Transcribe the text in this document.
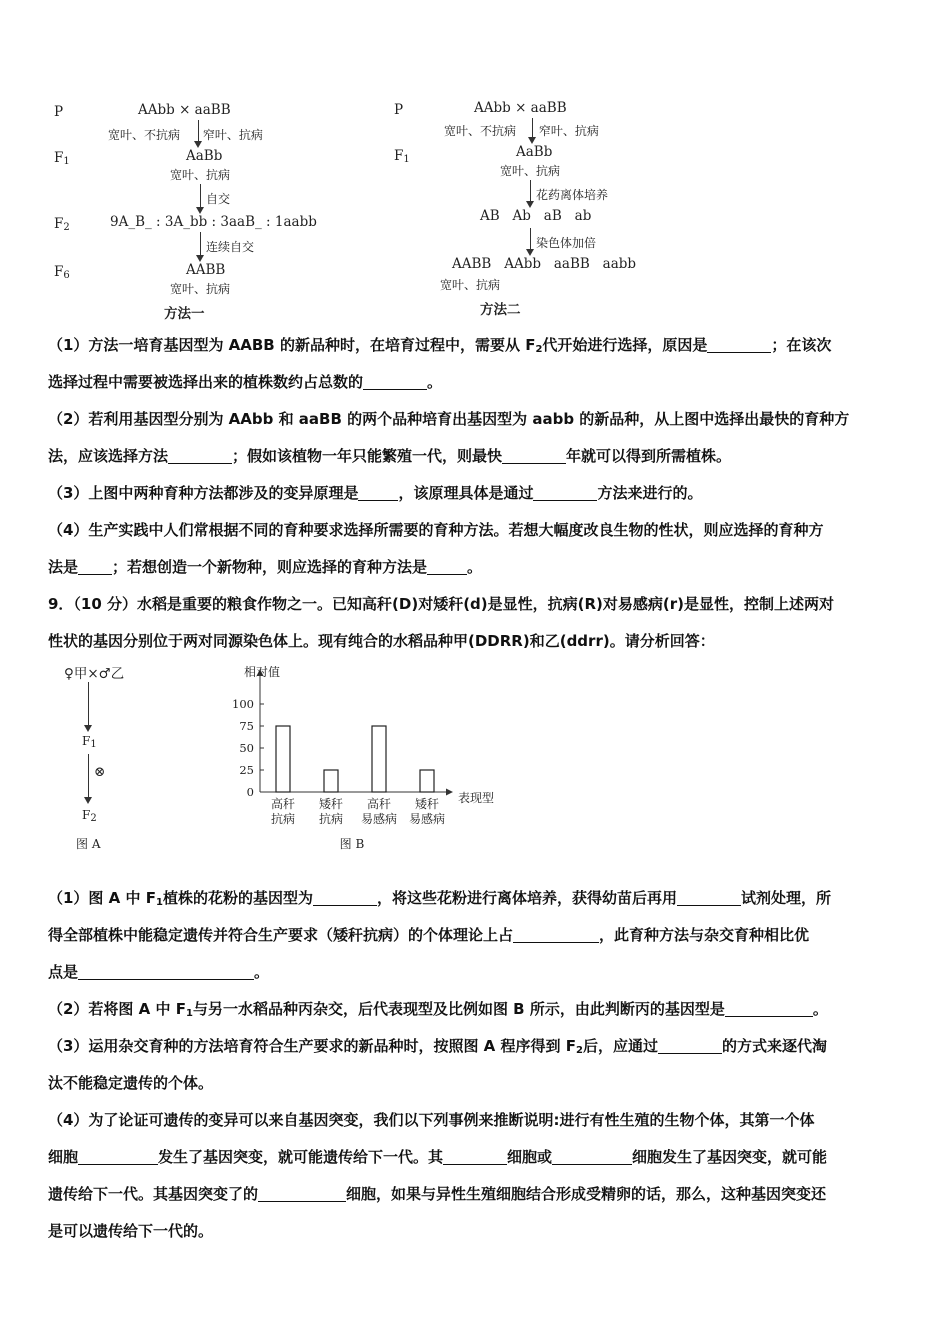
P	AAbb × aaBB
宽叶、不抗病      窄叶、抗病
$F_1$	AaBb
宽叶、抗病
自交
$F_2$	9A_B_ : 3A_bb : 3aaB_ : 1aabb
连续自交
$F_6$	AABB
宽叶、抗病
方法一
P	AAbb × aaBB
宽叶、不抗病      窄叶、抗病
$F_1$	AaBb
宽叶、抗病
花药离体培养
AB   Ab   aB   ab
染色体加倍
AABB   AAbb   aaBB   aabb
宽叶、抗病
方法二

（1）方法一培育基因型为 AABB 的新品种时，在培育过程中，需要从 $F_2$代开始进行选择，原因是	；在该次

选择过程中需要被选择出来的植株数约占总数的	。

（2）若利用基因型分别为 AAbb 和 aaBB 的两个品种培育出基因型为 aabb 的新品种，从上图中选择出最快的育种方

法，应该选择方法	；假如该植物一年只能繁殖一代，则最快	年就可以得到所需植株。

（3）上图中两种育种方法都涉及的变异原理是	，该原理具体是通过	方法来进行的。

（4）生产实践中人们常根据不同的育种要求选择所需要的育种方法。若想大幅度改良生物的性状，则应选择的育种方

法是 ；若想创造一个新物种，则应选择的育种方法是	。

9．（10 分）水稻是重要的粮食作物之一。已知高秆(D)对矮秆(d)是显性，抗病(R)对易感病(r)是显性，控制上述两对

性状的基因分别位于两对同源染色体上。现有纯合的水稻品种甲(DDRR)和乙(ddrr)。请分析回答：

♀甲×♂乙
$F_1$
⊗
$F_2$
图 A
相对值
表现型
100
75
50
25
0
高秆
抗病
矮秆
抗病
高秆
易感病
矮秆
易感病
图 B

（1）图 A 中 $F_1$植株的花粉的基因型为	，将这些花粉进行离体培养，获得幼苗后再用	试剂处理，所

得全部植株中能稳定遗传并符合生产要求（矮秆抗病）的个体理论上占	，此育种方法与杂交育种相比优

点是	。

（2）若将图 A 中 $F_1$与另一水稻品种丙杂交，后代表现型及比例如图 B 所示，由此判断丙的基因型是	。

（3）运用杂交育种的方法培育符合生产要求的新品种时，按照图 A 程序得到 $F_2$后，应通过	的方式来逐代淘

汰不能稳定遗传的个体。

（4）为了论证可遗传的变异可以来自基因突变，我们以下列事例来推断说明:进行有性生殖的生物个体，其第一个体

细胞	发生了基因突变，就可能遗传给下一代。其	细胞或	细胞发生了基因突变，就可能

遗传给下一代。其基因突变了的	细胞，如果与异性生殖细胞结合形成受精卵的话，那么，这种基因突变还

是可以遗传给下一代的。
